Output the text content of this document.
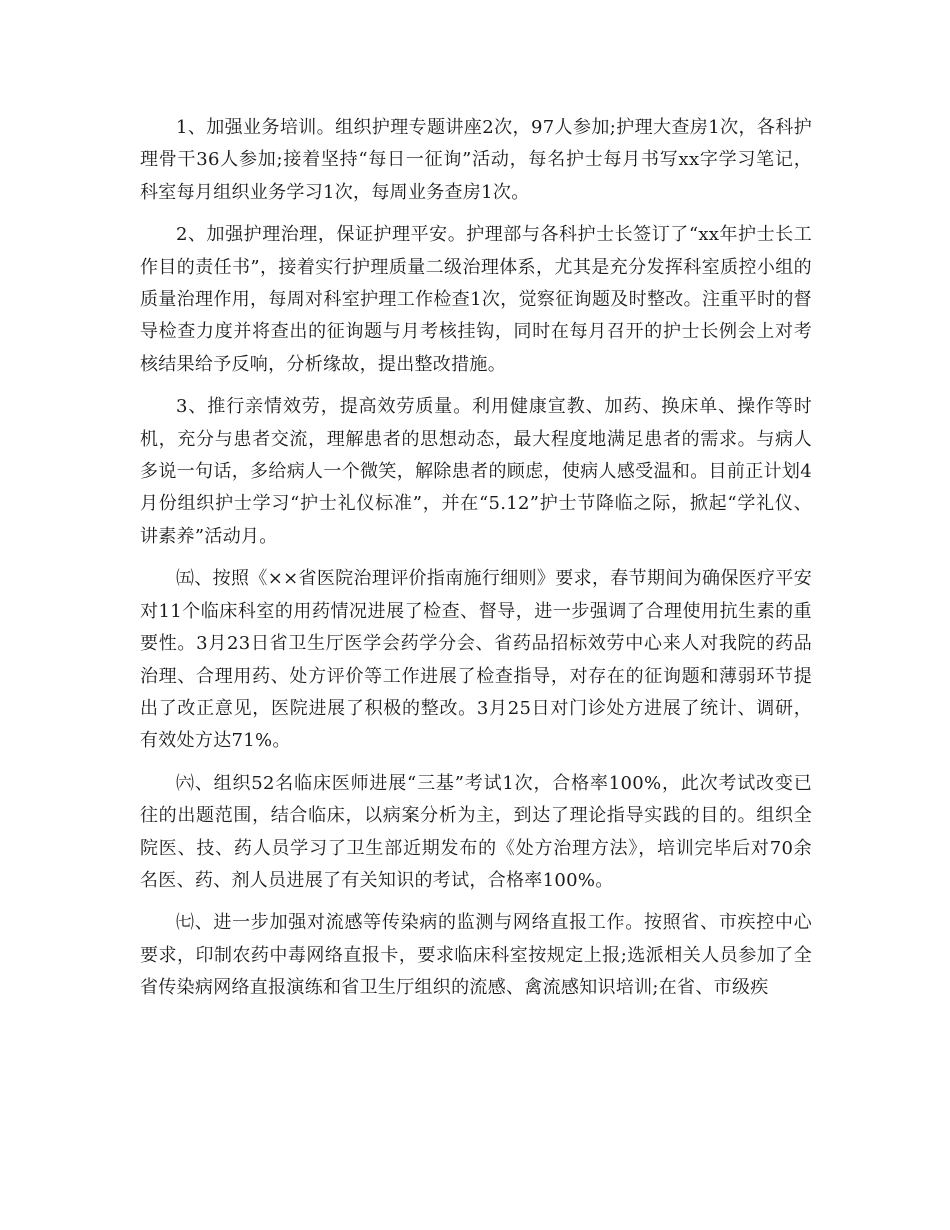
1、加强业务培训。组织护理专题讲座2次，97人参加;护理大查房1次，各科护理骨干36人参加;接着坚持“每日一征询”活动，每名护士每月书写xx字学习笔记，科室每月组织业务学习1次，每周业务查房1次。

2、加强护理治理，保证护理平安。护理部与各科护士长签订了“xx年护士长工作目的责任书”，接着实行护理质量二级治理体系，尤其是充分发挥科室质控小组的质量治理作用，每周对科室护理工作检查1次，觉察征询题及时整改。注重平时的督导检查力度并将查出的征询题与月考核挂钩，同时在每月召开的护士长例会上对考核结果给予反响，分析缘故，提出整改措施。

3、推行亲情效劳，提高效劳质量。利用健康宣教、加药、换床单、操作等时机，充分与患者交流，理解患者的思想动态，最大程度地满足患者的需求。与病人多说一句话，多给病人一个微笑，解除患者的顾虑，使病人感受温和。目前正计划4月份组织护士学习“护士礼仪标准”，并在“5.12”护士节降临之际，掀起“学礼仪、讲素养”活动月。

㈤、按照《××省医院治理评价指南施行细则》要求，春节期间为确保医疗平安对11个临床科室的用药情况进展了检查、督导，进一步强调了合理使用抗生素的重要性。3月23日省卫生厅医学会药学分会、省药品招标效劳中心来人对我院的药品治理、合理用药、处方评价等工作进展了检查指导，对存在的征询题和薄弱环节提出了改正意见，医院进展了积极的整改。3月25日对门诊处方进展了统计、调研，有效处方达71%。

㈥、组织52名临床医师进展“三基”考试1次，合格率100%，此次考试改变已往的出题范围，结合临床，以病案分析为主，到达了理论指导实践的目的。组织全院医、技、药人员学习了卫生部近期发布的《处方治理方法》，培训完毕后对70余名医、药、剂人员进展了有关知识的考试，合格率100%。

㈦、进一步加强对流感等传染病的监测与网络直报工作。按照省、市疾控中心要求，印制农药中毒网络直报卡，要求临床科室按规定上报;选派相关人员参加了全省传染病网络直报演练和省卫生厅组织的流感、禽流感知识培训;在省、市级疾
